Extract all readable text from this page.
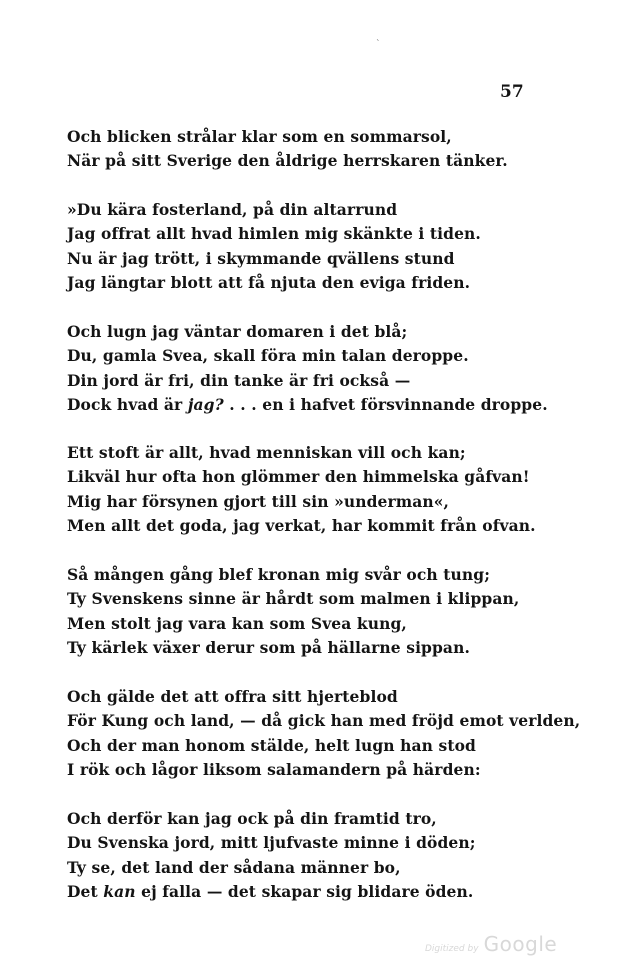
ˋ
57
Och blicken strålar klar som en sommarsol,
När på sitt Sverige den åldrige herrskaren tänker.
»Du kära fosterland, på din altarrund
Jag offrat allt hvad himlen mig skänkte i tiden.
Nu är jag trött, i skymmande qvällens stund
Jag längtar blott att få njuta den eviga friden.
Och lugn jag väntar domaren i det blå;
Du, gamla Svea, skall föra min talan deroppe.
Din jord är fri, din tanke är fri också —
Dock hvad är jag? . . . en i hafvet försvinnande droppe.
Ett stoft är allt, hvad menniskan vill och kan;
Likväl hur ofta hon glömmer den himmelska gåfvan!
Mig har försynen gjort till sin »underman«,
Men allt det goda, jag verkat, har kommit från ofvan.
Så mången gång blef kronan mig svår och tung;
Ty Svenskens sinne är hårdt som malmen i klippan,
Men stolt jag vara kan som Svea kung,
Ty kärlek växer derur som på hällarne sippan.
Och gälde det att offra sitt hjerteblod
För Kung och land, — då gick han med fröjd emot verlden,
Och der man honom stälde, helt lugn han stod
I rök och lågor liksom salamandern på härden:
Och derför kan jag ock på din framtid tro,
Du Svenska jord, mitt ljufvaste minne i döden;
Ty se, det land der sådana männer bo,
Det kan ej falla — det skapar sig blidare öden.
Digitized by Google
